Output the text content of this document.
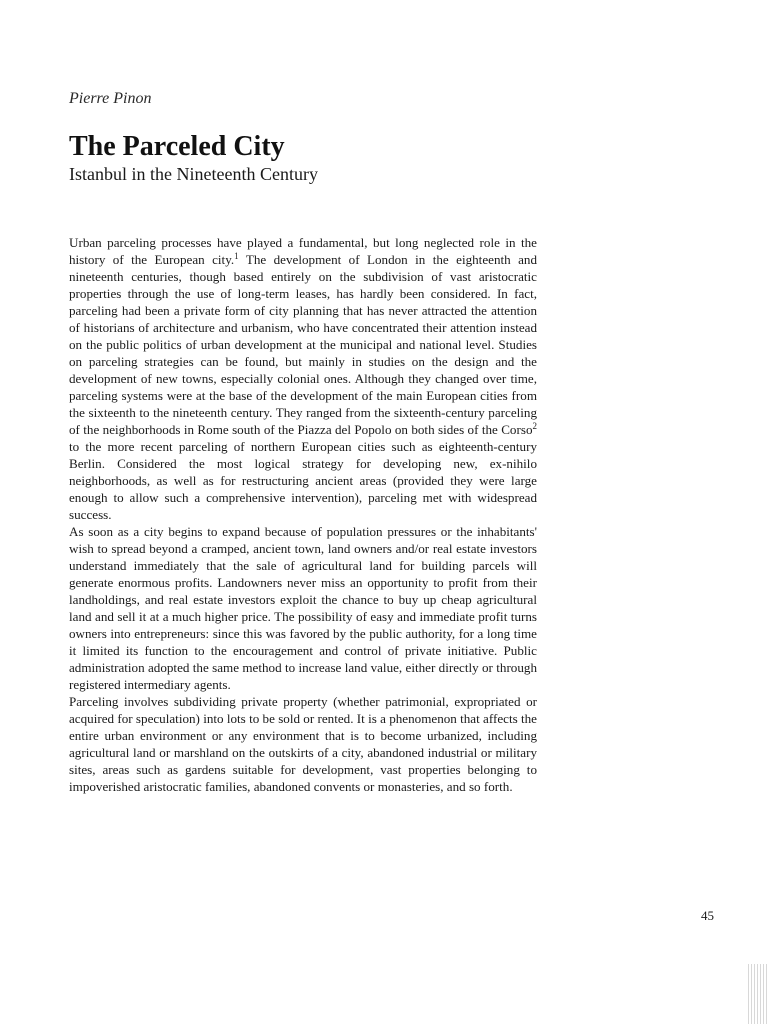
Pierre Pinon
The Parceled City
Istanbul in the Nineteenth Century

Urban parceling processes have played a fundamental, but long neglected role in the history of the European city.$^1$ The development of London in the eighteenth and nineteenth centuries, though based entirely on the subdivision of vast aristocratic properties through the use of long-term leases, has hardly been considered. In fact, parceling had been a private form of city planning that has never attracted the attention of historians of architecture and urbanism, who have concentrated their attention instead on the public politics of urban development at the municipal and national level. Studies on parceling strategies can be found, but mainly in studies on the design and the development of new towns, especially colonial ones. Although they changed over time, parceling systems were at the base of the development of the main European cities from the sixteenth to the nineteenth century. They ranged from the sixteenth-century parceling of the neighborhoods in Rome south of the Piazza del Popolo on both sides of the Corso$^2$ to the more recent parceling of northern European cities such as eighteenth-century Berlin. Considered the most logical strategy for developing new, ex-nihilo neighborhoods, as well as for restructuring ancient areas (provided they were large enough to allow such a comprehensive intervention), parceling met with widespread success.

As soon as a city begins to expand because of population pressures or the inhabitants' wish to spread beyond a cramped, ancient town, land owners and/or real estate investors understand immediately that the sale of agricultural land for building parcels will generate enormous profits. Landowners never miss an opportunity to profit from their landholdings, and real estate investors exploit the chance to buy up cheap agricultural land and sell it at a much higher price. The possibility of easy and immediate profit turns owners into entrepreneurs: since this was favored by the public authority, for a long time it limited its function to the encouragement and control of private initiative. Public administration adopted the same method to increase land value, either directly or through registered intermediary agents.

Parceling involves subdividing private property (whether patrimonial, expropriated or acquired for speculation) into lots to be sold or rented. It is a phenomenon that affects the entire urban environment or any environment that is to become urbanized, including agricultural land or marshland on the outskirts of a city, abandoned industrial or military sites, areas such as gardens suitable for development, vast properties belonging to impoverished aristocratic families, abandoned convents or monasteries, and so forth.

45
